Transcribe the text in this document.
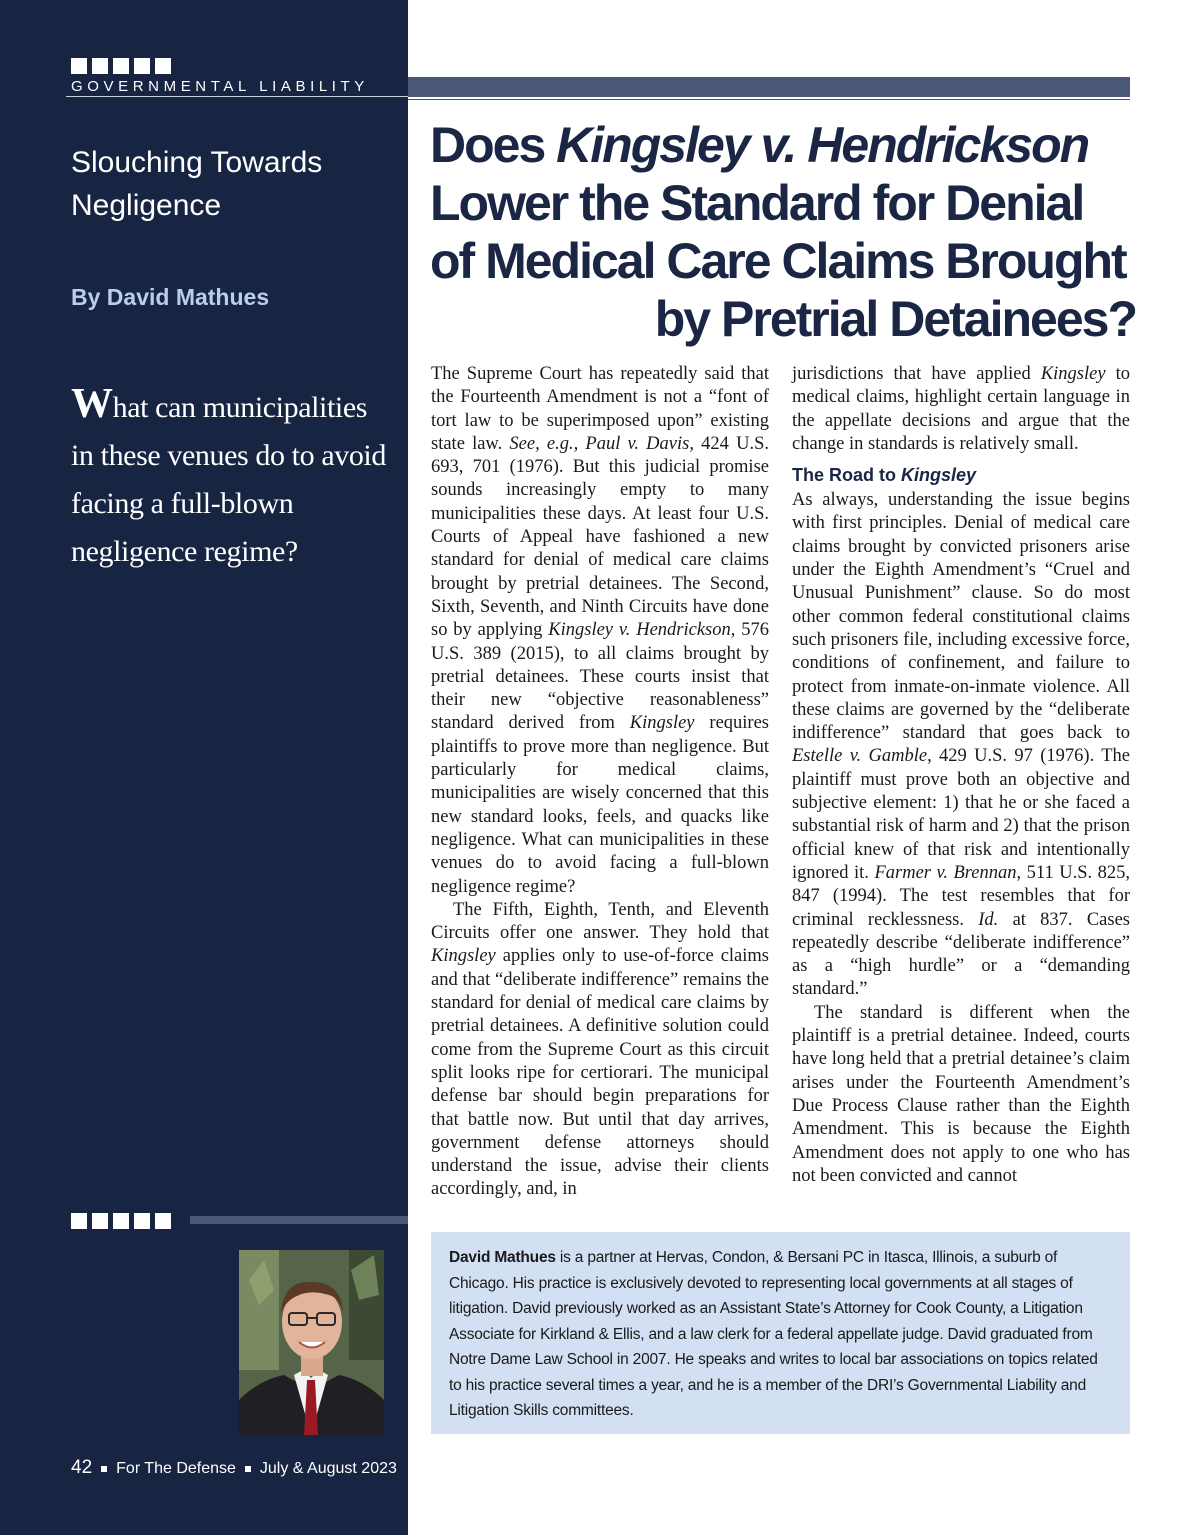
GOVERNMENTAL LIABILITY
Slouching Towards Negligence
By David Mathues
What can municipalities in these venues do to avoid facing a full-blown negligence regime?
Does Kingsley v. Hendrickson
Lower the Standard for Denial
of Medical Care Claims Brought
by Pretrial Detainees?

The Supreme Court has repeatedly said that the Fourteenth Amendment is not a “font of tort law to be superimposed upon” existing state law. See, e.g., Paul v. Davis, 424 U.S. 693, 701 (1976). But this judicial promise sounds increasingly empty to many municipalities these days. At least four U.S. Courts of Appeal have fashioned a new standard for denial of medical care claims brought by pretrial detainees. The Second, Sixth, Seventh, and Ninth Circuits have done so by applying Kingsley v. Hendrickson, 576 U.S. 389 (2015), to all claims brought by pretrial detainees. These courts insist that their new “objective reasonableness” standard derived from Kingsley requires plaintiffs to prove more than negligence. But particularly for medical claims, municipalities are wisely concerned that this new standard looks, feels, and quacks like negligence. What can municipalities in these venues do to avoid facing a full-blown negligence regime?

The Fifth, Eighth, Tenth, and Eleventh Circuits offer one answer. They hold that Kingsley applies only to use-of-force claims and that “deliberate indifference” remains the standard for denial of medical care claims by pretrial detainees. A definitive solution could come from the Supreme Court as this circuit split looks ripe for certiorari. The municipal defense bar should begin preparations for that battle now. But until that day arrives, government defense attorneys should understand the issue, advise their clients accordingly, and, in

jurisdictions that have applied Kingsley to medical claims, highlight certain language in the appellate decisions and argue that the change in standards is relatively small.

The Road to Kingsley

As always, understanding the issue begins with first principles. Denial of medical care claims brought by convicted prisoners arise under the Eighth Amendment’s “Cruel and Unusual Punishment” clause. So do most other common federal constitutional claims such prisoners file, including excessive force, conditions of confinement, and failure to protect from inmate-on-inmate violence. All these claims are governed by the “deliberate indifference” standard that goes back to Estelle v. Gamble, 429 U.S. 97 (1976). The plaintiff must prove both an objective and subjective element: 1) that he or she faced a substantial risk of harm and 2) that the prison official knew of that risk and intentionally ignored it. Farmer v. Brennan, 511 U.S. 825, 847 (1994). The test resembles that for criminal recklessness. Id. at 837. Cases repeatedly describe “deliberate indifference” as a “high hurdle” or a “demanding standard.”

The standard is different when the plaintiff is a pretrial detainee. Indeed, courts have long held that a pretrial detainee’s claim arises under the Fourteenth Amendment’s Due Process Clause rather than the Eighth Amendment. This is because the Eighth Amendment does not apply to one who has not been convicted and cannot

David Mathues is a partner at Hervas, Condon, & Bersani PC in Itasca, Illinois, a suburb of Chicago. His practice is exclusively devoted to representing local governments at all stages of litigation. David previously worked as an Assistant State’s Attorney for Cook County, a Litigation Associate for Kirkland & Ellis, and a law clerk for a federal appellate judge. David graduated from Notre Dame Law School in 2007. He speaks and writes to local bar associations on topics related to his practice several times a year, and he is a member of the DRI’s Governmental Liability and Litigation Skills committees.
42 For The Defense July & August 2023
